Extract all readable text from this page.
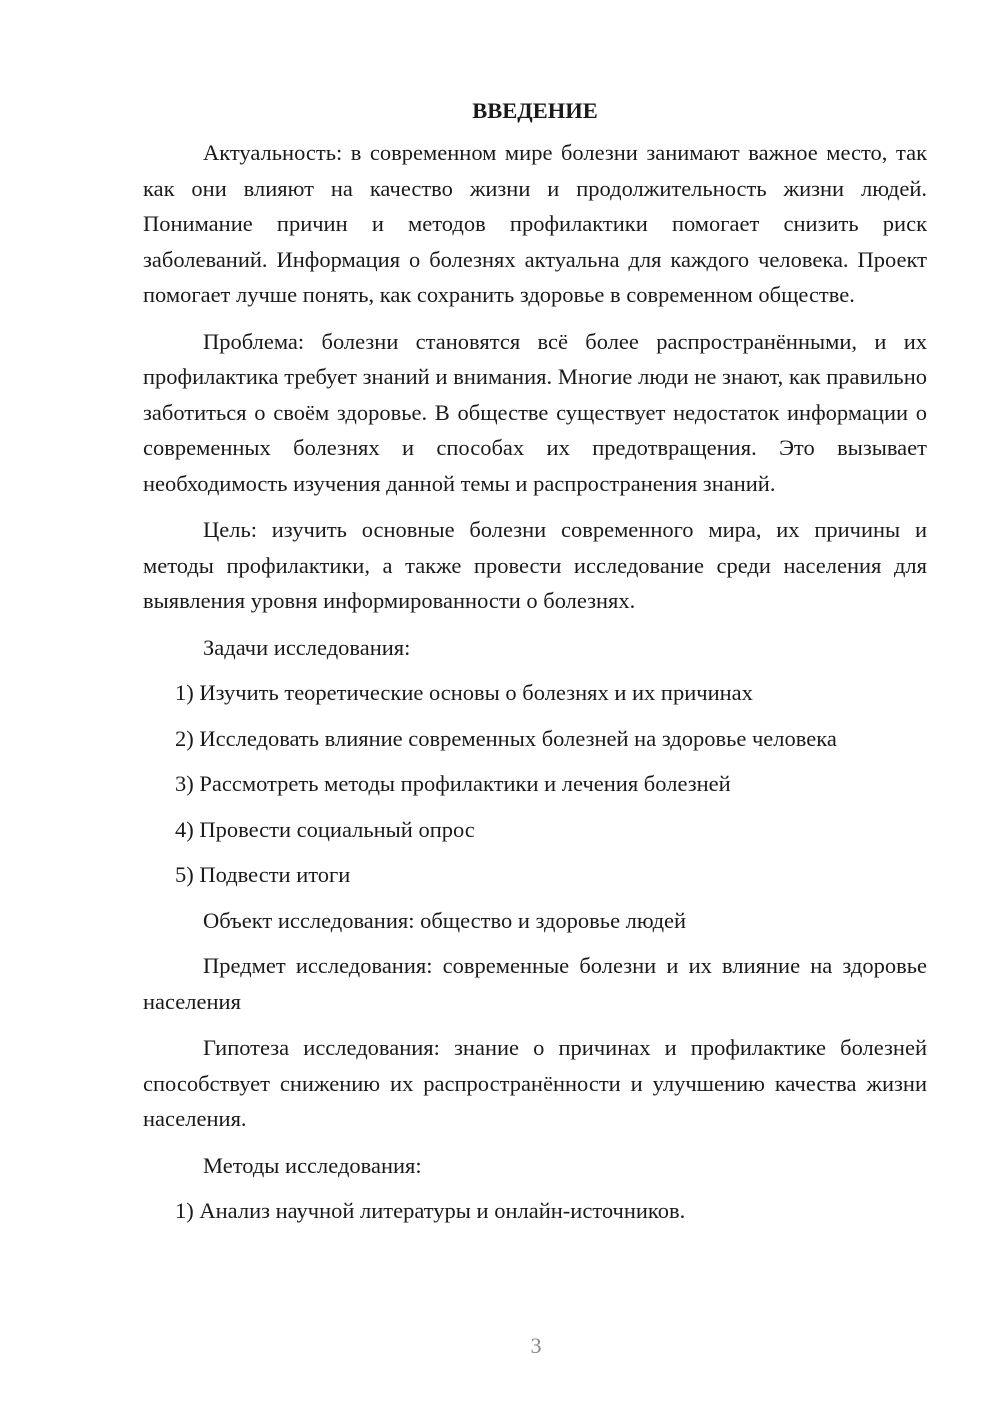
ВВЕДЕНИЕ

Актуальность: в современном мире болезни занимают важное место, так как они влияют на качество жизни и продолжительность жизни людей. Понимание причин и методов профилактики помогает снизить риск заболеваний. Информация о болезнях актуальна для каждого человека. Проект помогает лучше понять, как сохранить здоровье в современном обществе.

Проблема: болезни становятся всё более распространёнными, и их профилактика требует знаний и внимания. Многие люди не знают, как правильно заботиться о своём здоровье. В обществе существует недостаток информации о современных болезнях и способах их предотвращения. Это вызывает необходимость изучения данной темы и распространения знаний.

Цель: изучить основные болезни современного мира, их причины и методы профилактики, а также провести исследование среди населения для выявления уровня информированности о болезнях.

Задачи исследования:

1) Изучить теоретические основы о болезнях и их причинах
2) Исследовать влияние современных болезней на здоровье человека
3) Рассмотреть методы профилактики и лечения болезней
4) Провести социальный опрос
5) Подвести итоги

Объект исследования: общество и здоровье людей

Предмет исследования: современные болезни и их влияние на здоровье населения

Гипотеза исследования: знание о причинах и профилактике болезней способствует снижению их распространённости и улучшению качества жизни населения.

Методы исследования:

1) Анализ научной литературы и онлайн-источников.
3
